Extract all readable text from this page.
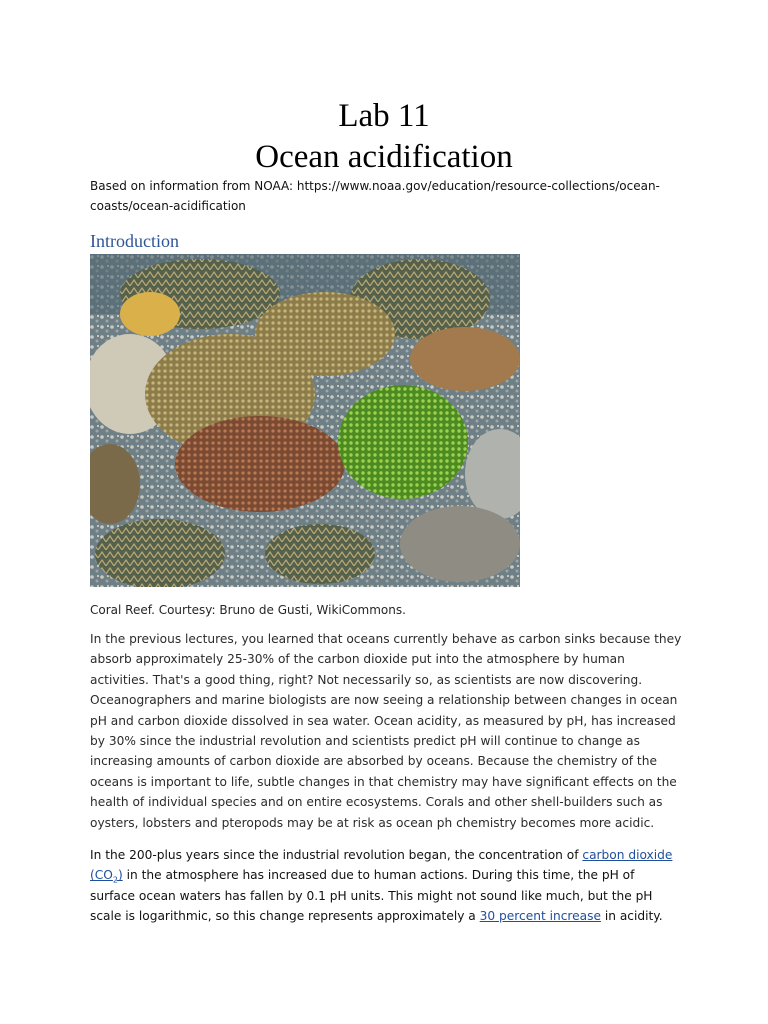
Lab 11
Ocean acidification
Based on information from NOAA: https://www.noaa.gov/education/resource-collections/ocean-coasts/ocean-acidification
Introduction
Coral Reef. Courtesy: Bruno de Gusti, WikiCommons.

In the previous lectures, you learned that oceans currently behave as carbon sinks because they absorb approximately 25-30% of the carbon dioxide put into the atmosphere by human activities. That's a good thing, right? Not necessarily so, as scientists are now discovering. Oceanographers and marine biologists are now seeing a relationship between changes in ocean pH and carbon dioxide dissolved in sea water. Ocean acidity, as measured by pH, has increased by 30% since the industrial revolution and scientists predict pH will continue to change as increasing amounts of carbon dioxide are absorbed by oceans. Because the chemistry of the oceans is important to life, subtle changes in that chemistry may have significant effects on the health of individual species and on entire ecosystems. Corals and other shell-builders such as oysters, lobsters and pteropods may be at risk as ocean ph chemistry becomes more acidic.

In the 200-plus years since the industrial revolution began, the concentration of carbon dioxide $(CO_2)$ in the atmosphere has increased due to human actions. During this time, the pH of surface ocean waters has fallen by 0.1 pH units. This might not sound like much, but the pH scale is logarithmic, so this change represents approximately a 30 percent increase in acidity.
